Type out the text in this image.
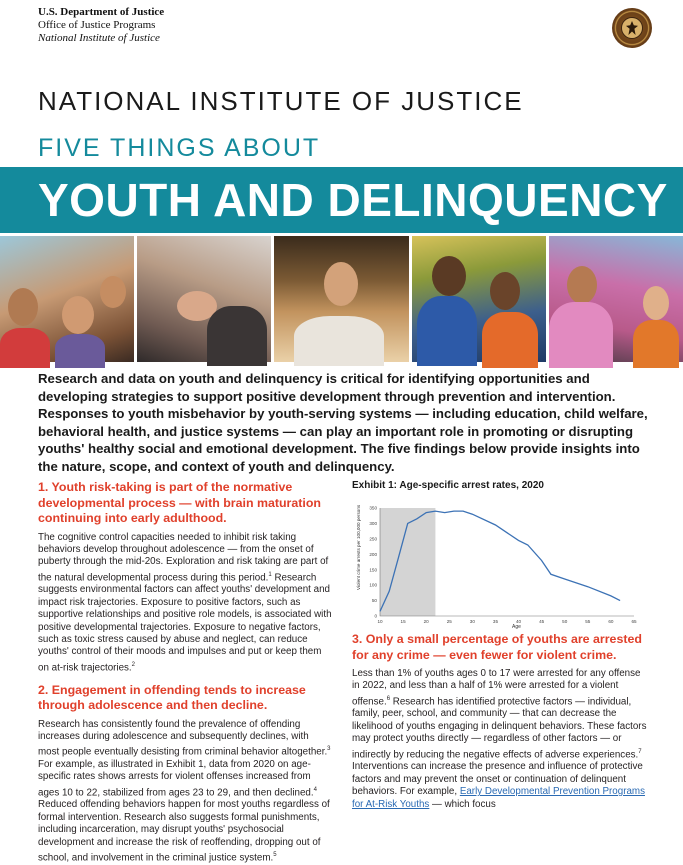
U.S. Department of Justice
Office of Justice Programs
National Institute of Justice
NATIONAL INSTITUTE OF JUSTICE
FIVE THINGS ABOUT
YOUTH AND DELINQUENCY
Research and data on youth and delinquency is critical for identifying opportunities and developing strategies to support positive development through prevention and intervention. Responses to youth misbehavior by youth-serving systems — including education, child welfare, behavioral health, and justice systems — can play an important role in promoting or disrupting youths' healthy social and emotional development. The five findings below provide insights into the nature, scope, and context of youth and delinquency.
1. Youth risk-taking is part of the normative developmental process — with brain maturation continuing into early adulthood.
The cognitive control capacities needed to inhibit risk taking behaviors develop throughout adolescence — from the onset of puberty through the mid-20s. Exploration and risk taking are part of the natural developmental process during this period.$^1$ Research suggests environmental factors can affect youths' development and impact risk trajectories. Exposure to positive factors, such as supportive relationships and positive role models, is associated with positive developmental trajectories. Exposure to negative factors, such as toxic stress caused by abuse and neglect, can reduce youths' control of their moods and impulses and put or keep them on at-risk trajectories.$^2$
2. Engagement in offending tends to increase through adolescence and then decline.
Research has consistently found the prevalence of offending increases during adolescence and subsequently declines, with most people eventually desisting from criminal behavior altogether.$^3$ For example, as illustrated in Exhibit 1, data from 2020 on age-specific rates shows arrests for violent offenses increased from ages 10 to 22, stabilized from ages 23 to 29, and then declined.$^4$ Reduced offending behaviors happen for most youths regardless of formal intervention. Research also suggests formal punishments, including incarceration, may disrupt youths' psychosocial development and increase the risk of reoffending, dropping out of school, and involvement in the criminal justice system.$^5$
Exhibit 1: Age-specific arrest rates, 2020
0
50
100
150
200
250
300
350
10	15	20	25	30	35	40	45	50	55	60	65
Violent crime arrests per 100,000 persons
Age
3. Only a small percentage of youths are arrested for any crime — even fewer for violent crime.
Less than 1% of youths ages 0 to 17 were arrested for any offense in 2022, and less than a half of 1% were arrested for a violent offense.$^6$ Research has identified protective factors — individual, family, peer, school, and community — that can decrease the likelihood of youths engaging in delinquent behaviors. These factors may protect youths directly — regardless of other factors — or indirectly by reducing the negative effects of adverse experiences.$^7$ Interventions can increase the presence and influence of protective factors and may prevent the onset or continuation of delinquent behaviors. For example, Early Developmental Prevention Programs for At-Risk Youths — which focus
